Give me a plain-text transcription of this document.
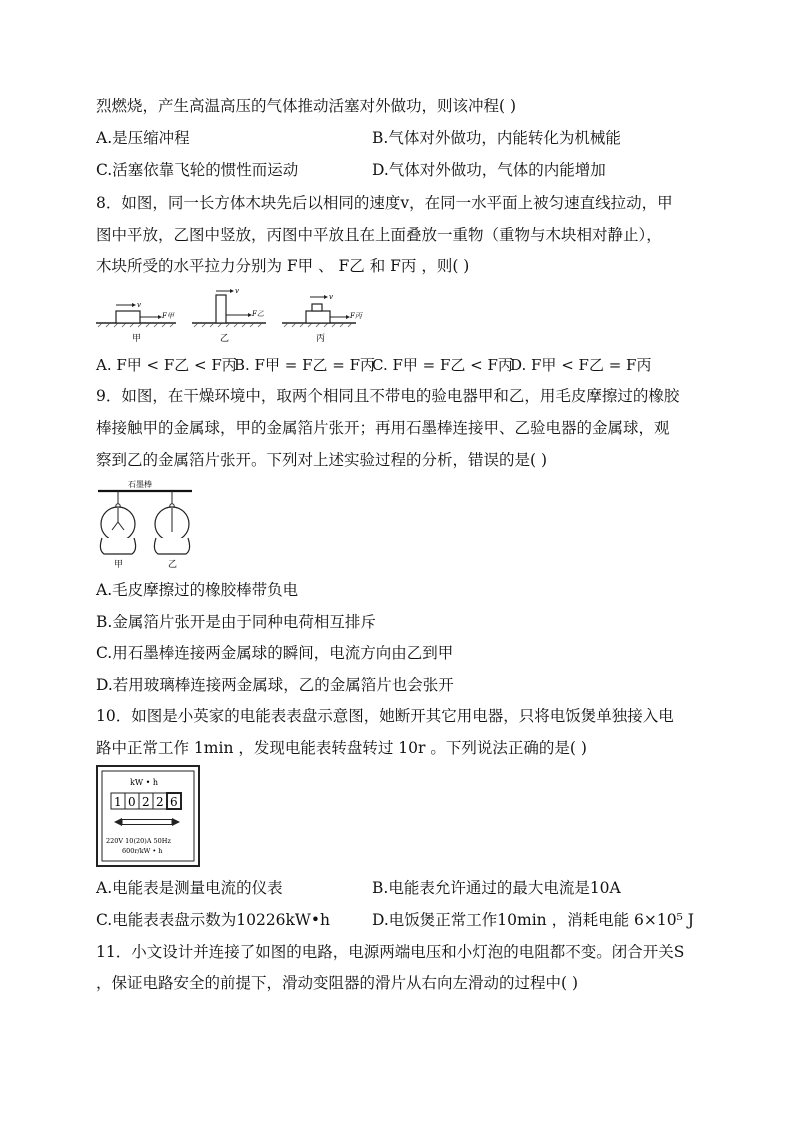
烈燃烧，产生高温高压的气体推动活塞对外做功，则该冲程( )
A.是压缩冲程	B.气体对外做功，内能转化为机械能
C.活塞依靠飞轮的惯性而运动	D.气体对外做功，气体的内能增加
8．如图，同一长方体木块先后以相同的速度v，在同一水平面上被匀速直线拉动，甲
图中平放，乙图中竖放，丙图中平放且在上面叠放一重物（重物与木块相对静止），
木块所受的水平拉力分别为 F甲 、 F乙 和 F丙 ，则( )
v
F甲
v
F乙
v
F丙
甲	乙	丙
A. F甲 < F乙 < F丙
B. F甲 = F乙 = F丙
C. F甲 = F乙 < F丙
D. F甲 < F乙 = F丙
9．如图，在干燥环境中，取两个相同且不带电的验电器甲和乙，用毛皮摩擦过的橡胶
棒接触甲的金属球，甲的金属箔片张开；再用石墨棒连接甲、乙验电器的金属球，观
察到乙的金属箔片张开。下列对上述实验过程的分析，错误的是( )
石墨棒
甲	乙
A.毛皮摩擦过的橡胶棒带负电
B.金属箔片张开是由于同种电荷相互排斥
C.用石墨棒连接两金属球的瞬间，电流方向由乙到甲
D.若用玻璃棒连接两金属球，乙的金属箔片也会张开
10．如图是小英家的电能表表盘示意图，她断开其它用电器，只将电饭煲单独接入电
路中正常工作 1min ，发现电能表转盘转过 10r 。下列说法正确的是( )
kW • h
1 0 2 2 6
220V 10(20)A 50Hz
600r/kW • h
A.电能表是测量电流的仪表	B.电能表允许通过的最大电流是10A
C.电能表表盘示数为10226kW•h	D.电饭煲正常工作10min ，消耗电能 6×10⁵ J
11．小文设计并连接了如图的电路，电源两端电压和小灯泡的电阻都不变。闭合开关S
，保证电路安全的前提下，滑动变阻器的滑片从右向左滑动的过程中( )
